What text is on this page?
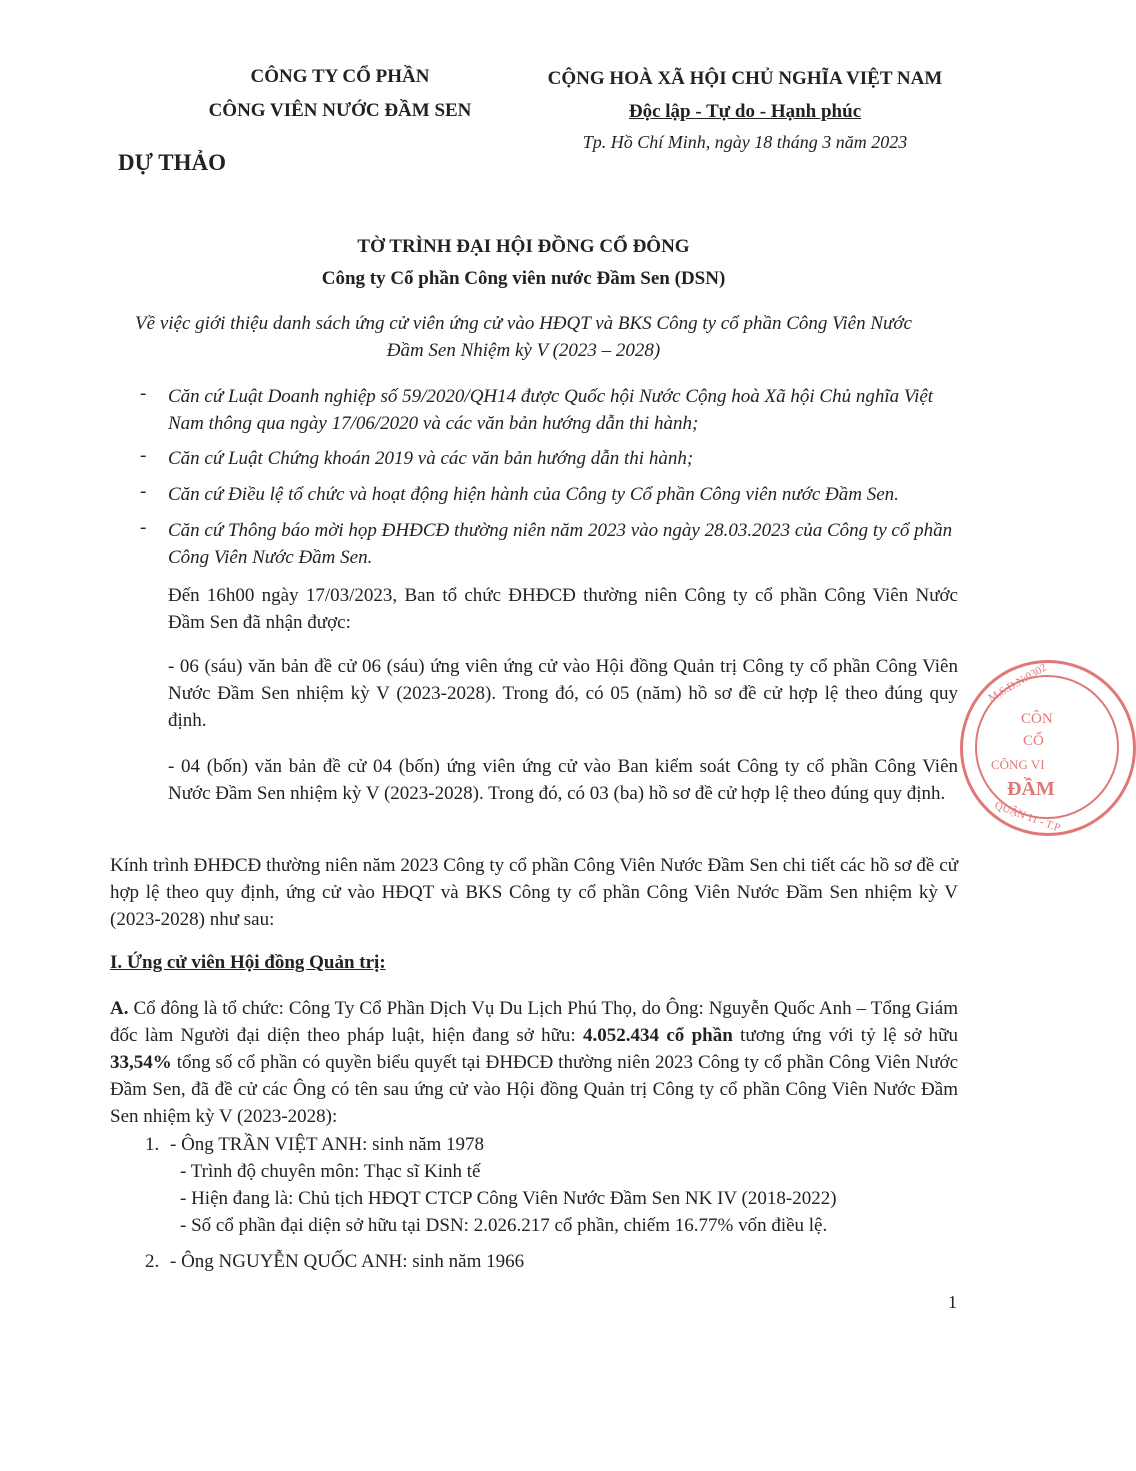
CÔNG TY CỔ PHẦN
CÔNG VIÊN NƯỚC ĐẦM SEN
DỰ THẢO
CỘNG HOÀ XÃ HỘI CHỦ NGHĨA VIỆT NAM
Độc lập - Tự do - Hạnh phúc
Tp. Hồ Chí Minh, ngày 18 tháng 3 năm 2023
TỜ TRÌNH ĐẠI HỘI ĐỒNG CỔ ĐÔNG
Công ty Cổ phần Công viên nước Đầm Sen (DSN)
Về việc giới thiệu danh sách ứng cử viên ứng cử vào HĐQT và BKS Công ty cổ phần Công Viên Nước
Đầm Sen Nhiệm kỳ V (2023 – 2028)
- Căn cứ Luật Doanh nghiệp số 59/2020/QH14 được Quốc hội Nước Cộng hoà Xã hội Chủ nghĩa Việt Nam thông qua ngày 17/06/2020 và các văn bản hướng dẫn thi hành;
- Căn cứ Luật Chứng khoán 2019 và các văn bản hướng dẫn thi hành;
- Căn cứ Điều lệ tổ chức và hoạt động hiện hành của Công ty Cổ phần Công viên nước Đầm Sen.
- Căn cứ Thông báo mời họp ĐHĐCĐ thường niên năm 2023 vào ngày 28.03.2023 của Công ty cổ phần Công Viên Nước Đầm Sen.
Đến 16h00 ngày 17/03/2023, Ban tổ chức ĐHĐCĐ thường niên Công ty cổ phần Công Viên Nước Đầm Sen đã nhận được:
- 06 (sáu) văn bản đề cử 06 (sáu) ứng viên ứng cử vào Hội đồng Quản trị Công ty cổ phần Công Viên Nước Đầm Sen nhiệm kỳ V (2023-2028). Trong đó, có 05 (năm) hồ sơ đề cử hợp lệ theo đúng quy định.
- 04 (bốn) văn bản đề cử 04 (bốn) ứng viên ứng cử vào Ban kiểm soát Công ty cổ phần Công Viên Nước Đầm Sen nhiệm kỳ V (2023-2028). Trong đó, có 03 (ba) hồ sơ đề cử hợp lệ theo đúng quy định.
Kính trình ĐHĐCĐ thường niên năm 2023 Công ty cổ phần Công Viên Nước Đầm Sen chi tiết các hồ sơ đề cử hợp lệ theo quy định, ứng cử vào HĐQT và BKS Công ty cổ phần Công Viên Nước Đầm Sen nhiệm kỳ V (2023-2028) như sau:
I. Ứng cử viên Hội đồng Quản trị:
A. Cổ đông là tổ chức: Công Ty Cổ Phần Dịch Vụ Du Lịch Phú Thọ, do Ông: Nguyễn Quốc Anh – Tổng Giám đốc làm Người đại diện theo pháp luật, hiện đang sở hữu: 4.052.434 cổ phần tương ứng với tỷ lệ sở hữu 33,54% tổng số cổ phần có quyền biểu quyết tại ĐHĐCĐ thường niên 2023 Công ty cổ phần Công Viên Nước Đầm Sen, đã đề cử các Ông có tên sau ứng cử vào Hội đồng Quản trị Công ty cổ phần Công Viên Nước Đầm Sen nhiệm kỳ V (2023-2028):
1. - Ông TRẦN VIỆT ANH: sinh năm 1978
- Trình độ chuyên môn: Thạc sĩ Kinh tế
- Hiện đang là: Chủ tịch HĐQT CTCP Công Viên Nước Đầm Sen NK IV (2018-2022)
- Số cổ phần đại diện sở hữu tại DSN: 2.026.217 cổ phần, chiếm 16.77% vốn điều lệ.
2. - Ông NGUYỄN QUỐC ANH: sinh năm 1966
1
M.S.D.N:0302
CÔN
CỔ
CÔNG VI
ĐẦM
QUẬN 11 - T.P
